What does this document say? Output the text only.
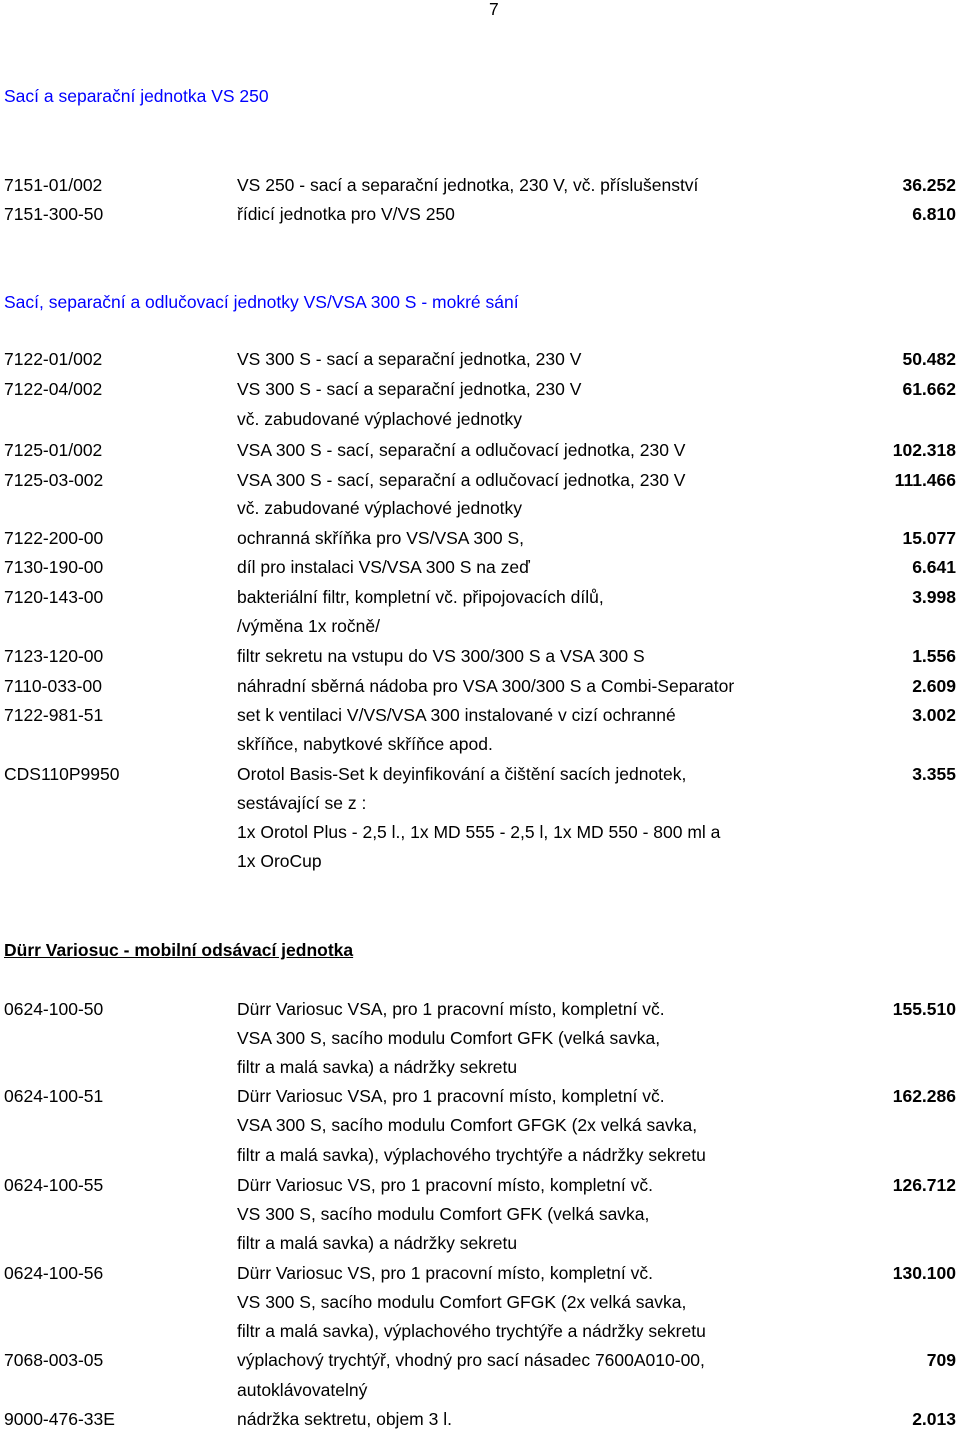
7
Sací a separační jednotka VS 250
7151-01/002	VS 250 - sací a separační jednotka, 230 V, vč. příslušenství	36.252
7151-300-50	řídicí jednotka pro V/VS 250	6.810
Sací, separační a odlučovací jednotky VS/VSA 300 S - mokré sání
7122-01/002	VS 300 S - sací a separační jednotka, 230 V	50.482
7122-04/002	VS 300 S - sací a separační jednotka, 230 V	61.662
vč. zabudované výplachové jednotky
7125-01/002	VSA 300 S - sací, separační a odlučovací jednotka, 230 V	102.318
7125-03-002	VSA 300 S - sací, separační a odlučovací jednotka, 230 V	111.466
vč. zabudované výplachové jednotky
7122-200-00	ochranná skříňka pro VS/VSA 300 S,	15.077
7130-190-00	díl pro instalaci VS/VSA 300 S na zeď	6.641
7120-143-00	bakteriální filtr, kompletní vč. připojovacích dílů,	3.998
/výměna 1x ročně/
7123-120-00	filtr sekretu na vstupu do VS 300/300 S a VSA 300 S	1.556
7110-033-00	náhradní sběrná nádoba pro VSA 300/300 S a Combi-Separator	2.609
7122-981-51	set k ventilaci V/VS/VSA 300 instalované v cizí ochranné	3.002
skříňce, nabytkové skříňce apod.
CDS110P9950	Orotol Basis-Set k deyinfikování a čištění sacích jednotek,	3.355
sestávající se z :
1x Orotol Plus - 2,5 l., 1x MD 555 - 2,5 l, 1x MD 550 - 800 ml a
1x OroCup
Dürr Variosuc - mobilní odsávací jednotka
0624-100-50	Dürr Variosuc VSA, pro 1 pracovní místo, kompletní vč.	155.510
VSA 300 S, sacího modulu Comfort GFK (velká savka,
filtr a malá savka) a nádržky sekretu
0624-100-51	Dürr Variosuc VSA, pro 1 pracovní místo, kompletní vč.	162.286
VSA 300 S, sacího modulu Comfort GFGK (2x velká savka,
filtr a malá savka), výplachového trychtýře a nádržky sekretu
0624-100-55	Dürr Variosuc VS, pro 1 pracovní místo, kompletní vč.	126.712
VS 300 S, sacího modulu Comfort GFK (velká savka,
filtr a malá savka) a nádržky sekretu
0624-100-56	Dürr Variosuc VS, pro 1 pracovní místo, kompletní vč.	130.100
VS 300 S, sacího modulu Comfort GFGK (2x velká savka,
filtr a malá savka), výplachového trychtýře a nádržky sekretu
7068-003-05	výplachový trychtýř, vhodný pro sací násadec 7600A010-00,	709
autoklávovatelný
9000-476-33E	nádržka sektretu, objem 3 l.	2.013
